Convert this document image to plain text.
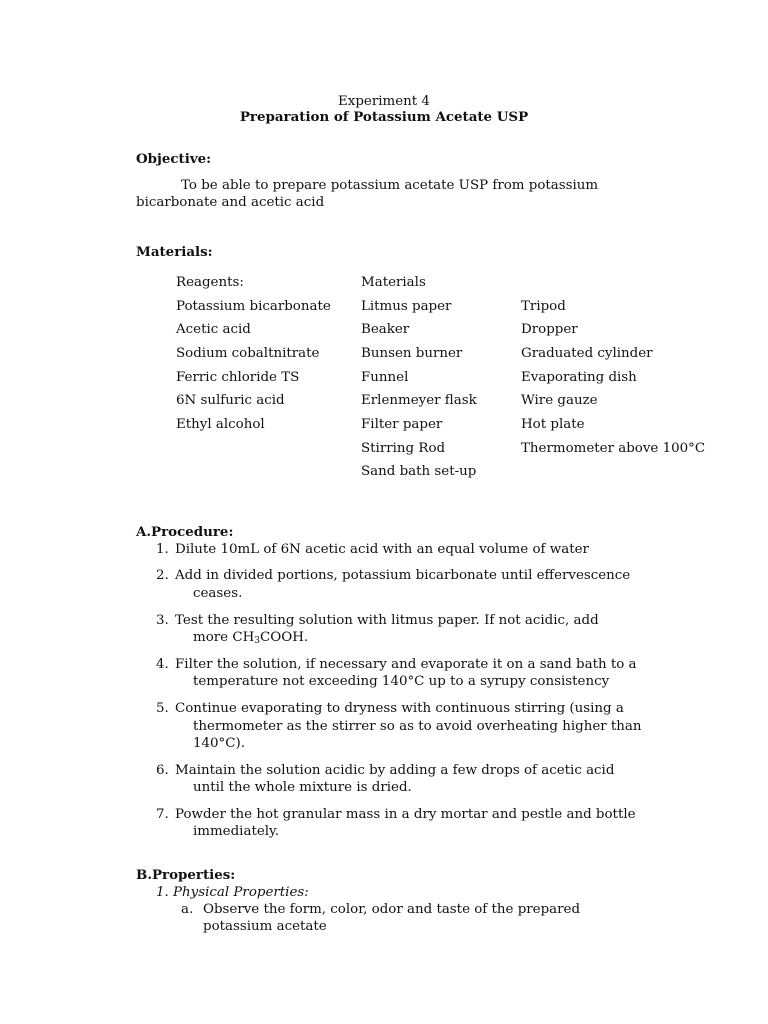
Experiment 4
Preparation of Potassium Acetate USP
Objective:
To be able to prepare potassium acetate USP from potassium
bicarbonate and acetic acid
Materials:
Reagents:	Materials
Potassium bicarbonate
Acetic acid
Sodium cobaltnitrate
Ferric chloride TS
6N sulfuric acid
Ethyl alcohol
Litmus paper
Beaker
Bunsen burner
Funnel
Erlenmeyer flask
Filter paper
Stirring Rod
Sand bath set-up
Tripod
Dropper
Graduated cylinder
Evaporating dish
Wire gauze
Hot plate
Thermometer above 100°C
A.Procedure:
1. Dilute 10mL of 6N acetic acid with an equal volume of water
2. Add in divided portions, potassium bicarbonate until effervescence
ceases.
3. Test the resulting solution with litmus paper. If not acidic, add
more $CH_3COOH$.
4. Filter the solution, if necessary and evaporate it on a sand bath to a
temperature not exceeding 140°C up to a syrupy consistency
5. Continue evaporating to dryness with continuous stirring (using a
thermometer as the stirrer so as to avoid overheating higher than
140°C).
6. Maintain the solution acidic by adding a few drops of acetic acid
until the whole mixture is dried.
7. Powder the hot granular mass in a dry mortar and pestle and bottle
immediately.
B.Properties:
1. Physical Properties:
a. Observe the form, color, odor and taste of the prepared
potassium acetate
